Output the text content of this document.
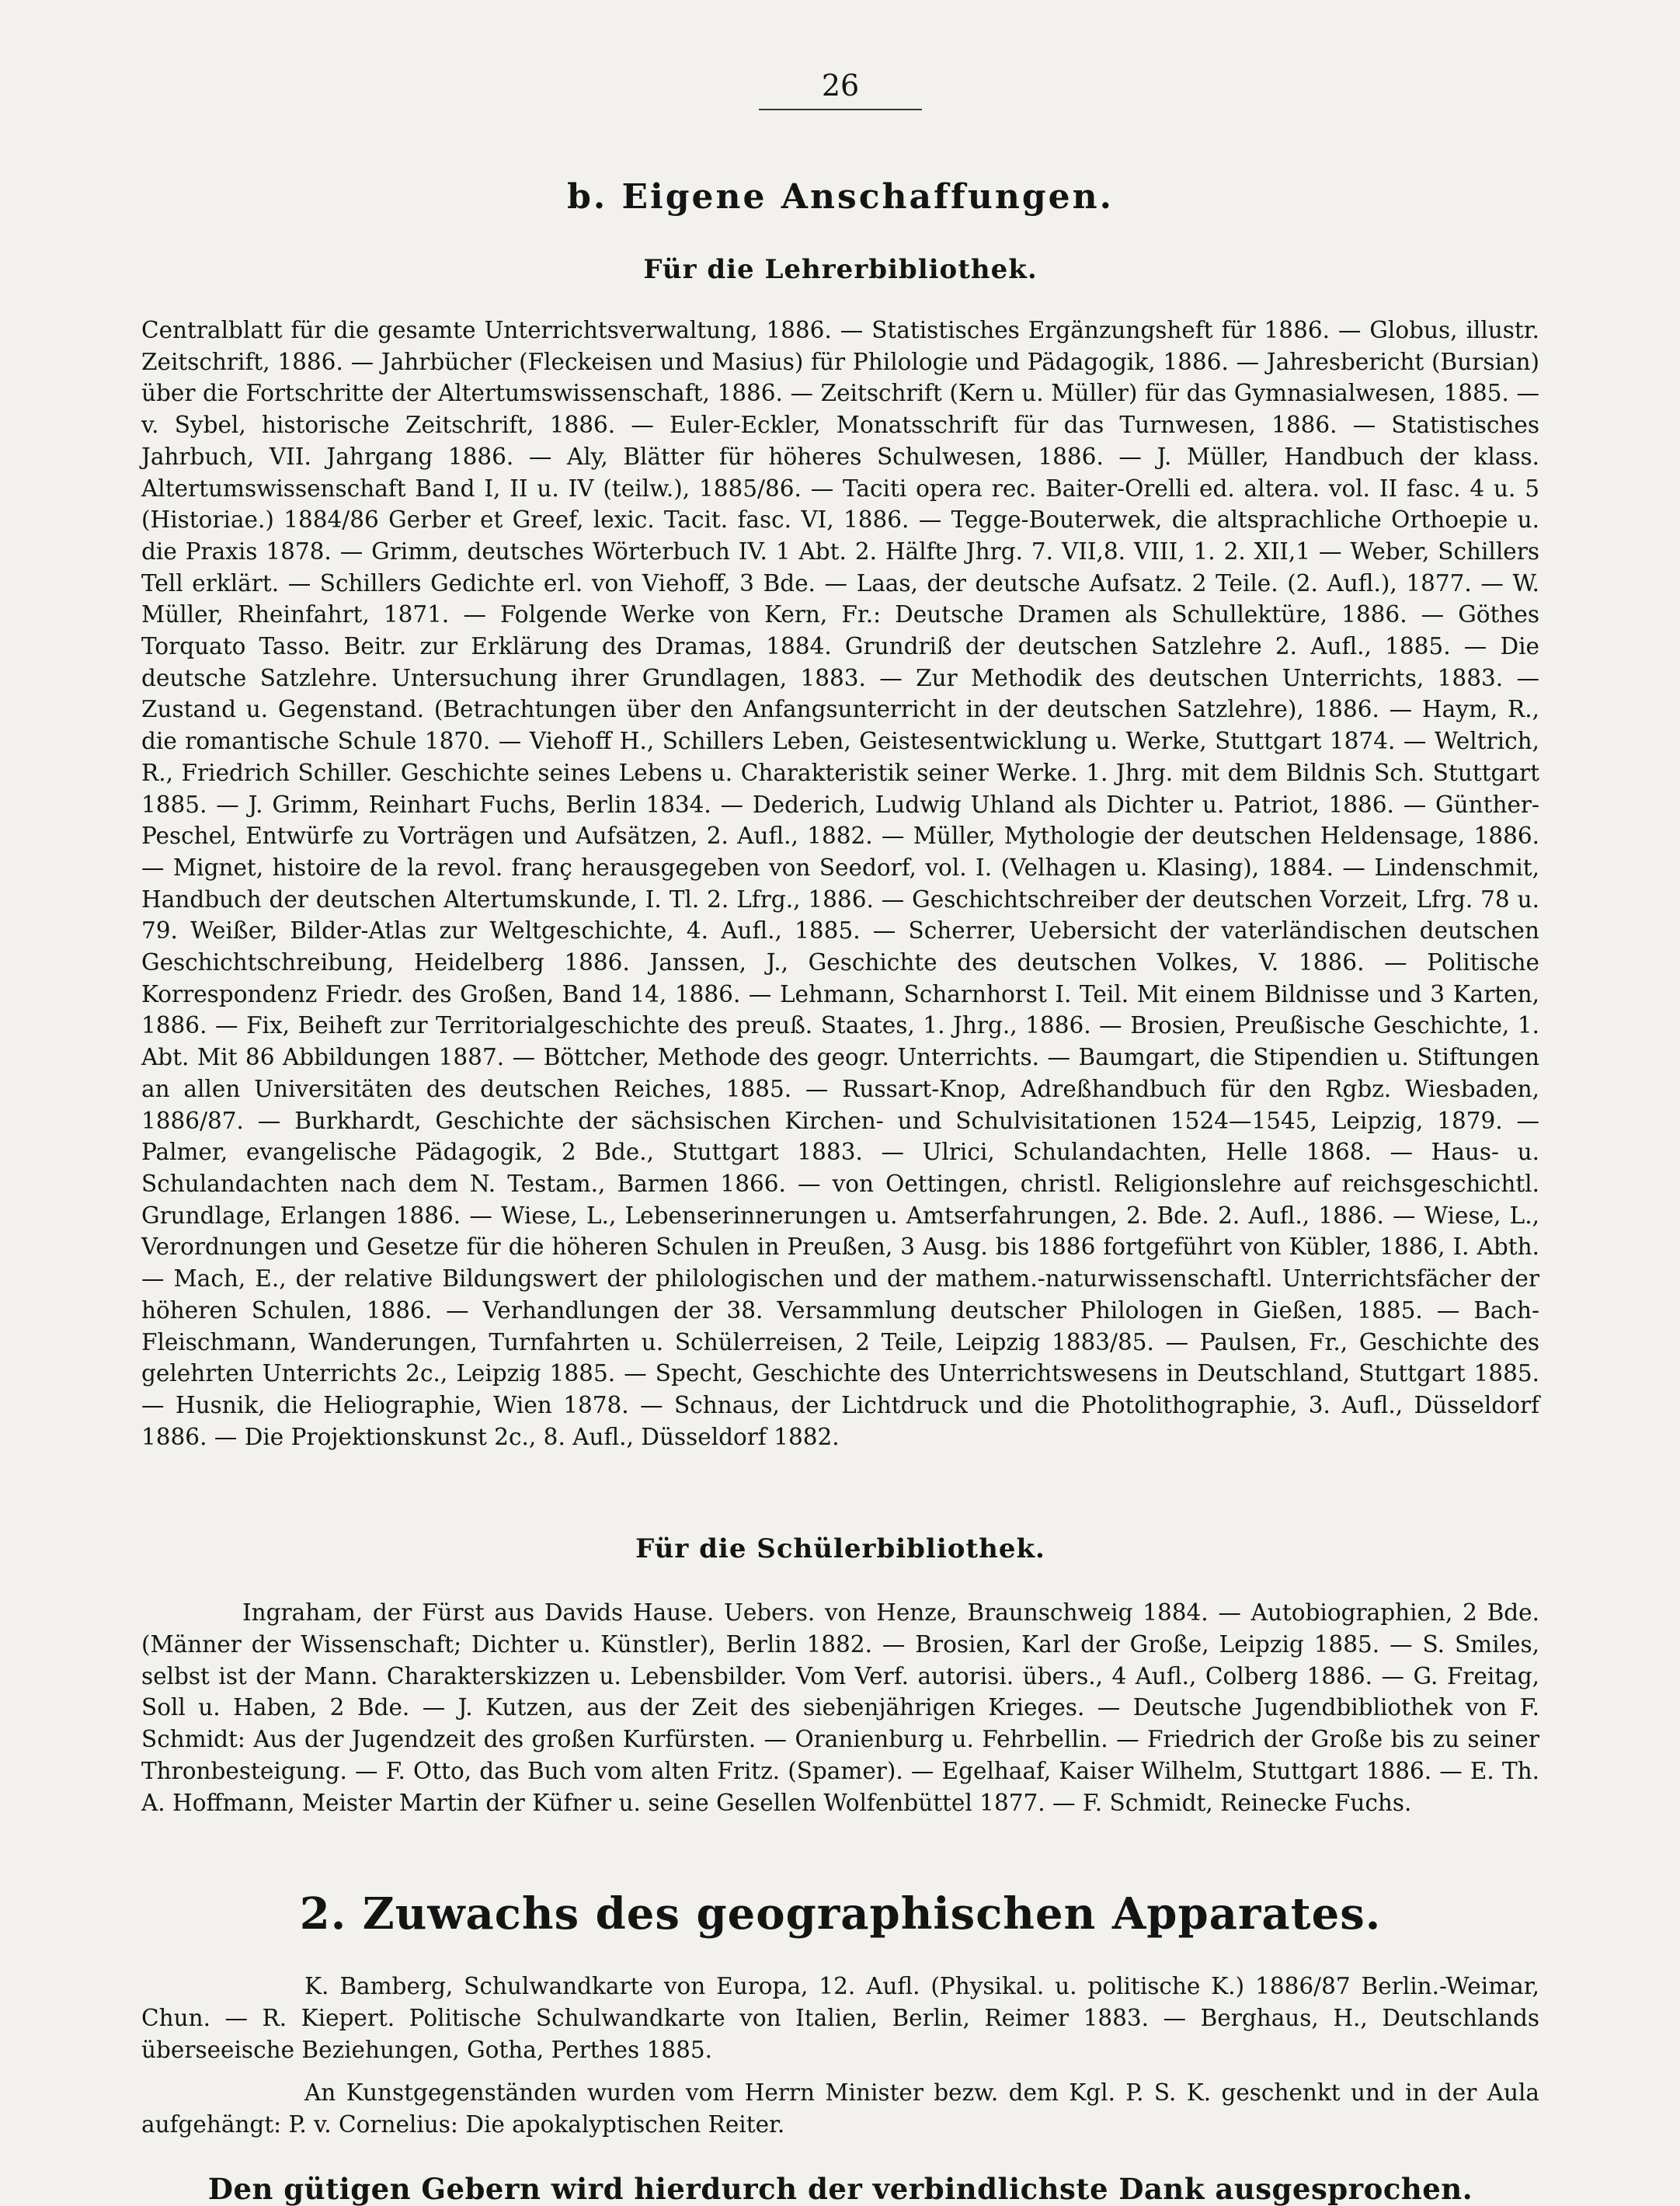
26
b. Eigene Anschaffungen.
Für die Lehrerbibliothek.

Centralblatt für die gesamte Unterrichtsverwaltung, 1886. — Statistisches Ergänzungsheft für 1886. — Globus, illustr. Zeitschrift, 1886. — Jahrbücher (Fleckeisen und Masius) für Philologie und Pädagogik, 1886. — Jahresbericht (Bursian) über die Fortschritte der Altertumswissenschaft, 1886. — Zeitschrift (Kern u. Müller) für das Gymnasialwesen, 1885. — v. Sybel, historische Zeitschrift, 1886. — Euler-Eckler, Monatsschrift für das Turnwesen, 1886. — Statistisches Jahrbuch, VII. Jahrgang 1886. — Aly, Blätter für höheres Schulwesen, 1886. — J. Müller, Handbuch der klass. Altertumswissenschaft Band I, II u. IV (teilw.), 1885/86. — Taciti opera rec. Baiter-Orelli ed. altera. vol. II fasc. 4 u. 5 (Historiae.) 1884/86 Gerber et Greef, lexic. Tacit. fasc. VI, 1886. — Tegge-Bouterwek, die altsprachliche Orthoepie u. die Praxis 1878. — Grimm, deutsches Wörterbuch IV. 1 Abt. 2. Hälfte Jhrg. 7. VII,8. VIII, 1. 2. XII,1 — Weber, Schillers Tell erklärt. — Schillers Gedichte erl. von Viehoff, 3 Bde. — Laas, der deutsche Aufsatz. 2 Teile. (2. Aufl.), 1877. — W. Müller, Rheinfahrt, 1871. — Folgende Werke von Kern, Fr.: Deutsche Dramen als Schullektüre, 1886. — Göthes Torquato Tasso. Beitr. zur Erklärung des Dramas, 1884. Grundriß der deutschen Satzlehre 2. Aufl., 1885. — Die deutsche Satzlehre. Untersuchung ihrer Grundlagen, 1883. — Zur Methodik des deutschen Unterrichts, 1883. — Zustand u. Gegenstand. (Betrachtungen über den Anfangsunterricht in der deutschen Satzlehre), 1886. — Haym, R., die romantische Schule 1870. — Viehoff H., Schillers Leben, Geistesentwicklung u. Werke, Stuttgart 1874. — Weltrich, R., Friedrich Schiller. Geschichte seines Lebens u. Charakteristik seiner Werke. 1. Jhrg. mit dem Bildnis Sch. Stuttgart 1885. — J. Grimm, Reinhart Fuchs, Berlin 1834. — Dederich, Ludwig Uhland als Dichter u. Patriot, 1886. — Günther-Peschel, Entwürfe zu Vorträgen und Aufsätzen, 2. Aufl., 1882. — Müller, Mythologie der deutschen Heldensage, 1886. — Mignet, histoire de la revol. franç herausgegeben von Seedorf, vol. I. (Velhagen u. Klasing), 1884. — Lindenschmit, Handbuch der deutschen Altertumskunde, I. Tl. 2. Lfrg., 1886. — Geschichtschreiber der deutschen Vorzeit, Lfrg. 78 u. 79. Weißer, Bilder-Atlas zur Weltgeschichte, 4. Aufl., 1885. — Scherrer, Uebersicht der vaterländischen deutschen Geschichtschreibung, Heidelberg 1886. Janssen, J., Geschichte des deutschen Volkes, V. 1886. — Politische Korrespondenz Friedr. des Großen, Band 14, 1886. — Lehmann, Scharnhorst I. Teil. Mit einem Bildnisse und 3 Karten, 1886. — Fix, Beiheft zur Territorialgeschichte des preuß. Staates, 1. Jhrg., 1886. — Brosien, Preußische Geschichte, 1. Abt. Mit 86 Abbildungen 1887. — Böttcher, Methode des geogr. Unterrichts. — Baumgart, die Stipendien u. Stiftungen an allen Universitäten des deutschen Reiches, 1885. — Russart-Knop, Adreßhandbuch für den Rgbz. Wiesbaden, 1886/87. — Burkhardt, Geschichte der sächsischen Kirchen- und Schulvisitationen 1524—1545, Leipzig, 1879. — Palmer, evangelische Pädagogik, 2 Bde., Stuttgart 1883. — Ulrici, Schulandachten, Helle 1868. — Haus- u. Schulandachten nach dem N. Testam., Barmen 1866. — von Oettingen, christl. Religionslehre auf reichsgeschichtl. Grundlage, Erlangen 1886. — Wiese, L., Lebenserinnerungen u. Amtserfahrungen, 2. Bde. 2. Aufl., 1886. — Wiese, L., Verordnungen und Gesetze für die höheren Schulen in Preußen, 3 Ausg. bis 1886 fortgeführt von Kübler, 1886, I. Abth. — Mach, E., der relative Bildungswert der philologischen und der mathem.-naturwissenschaftl. Unterrichtsfächer der höheren Schulen, 1886. — Verhandlungen der 38. Versammlung deutscher Philologen in Gießen, 1885. — Bach-Fleischmann, Wanderungen, Turnfahrten u. Schülerreisen, 2 Teile, Leipzig 1883/85. — Paulsen, Fr., Geschichte des gelehrten Unterrichts 2c., Leipzig 1885. — Specht, Geschichte des Unterrichtswesens in Deutschland, Stuttgart 1885. — Husnik, die Heliographie, Wien 1878. — Schnaus, der Lichtdruck und die Photolithographie, 3. Aufl., Düsseldorf 1886. — Die Projektionskunst 2c., 8. Aufl., Düsseldorf 1882.

Für die Schülerbibliothek.

Ingraham, der Fürst aus Davids Hause. Uebers. von Henze, Braunschweig 1884. — Autobiographien, 2 Bde. (Männer der Wissenschaft; Dichter u. Künstler), Berlin 1882. — Brosien, Karl der Große, Leipzig 1885. — S. Smiles, selbst ist der Mann. Charakterskizzen u. Lebensbilder. Vom Verf. autorisi. übers., 4 Aufl., Colberg 1886. — G. Freitag, Soll u. Haben, 2 Bde. — J. Kutzen, aus der Zeit des siebenjährigen Krieges. — Deutsche Jugendbibliothek von F. Schmidt: Aus der Jugendzeit des großen Kurfürsten. — Oranienburg u. Fehrbellin. — Friedrich der Große bis zu seiner Thronbesteigung. — F. Otto, das Buch vom alten Fritz. (Spamer). — Egelhaaf, Kaiser Wilhelm, Stuttgart 1886. — E. Th. A. Hoffmann, Meister Martin der Küfner u. seine Gesellen Wolfenbüttel 1877. — F. Schmidt, Reinecke Fuchs.

2. Zuwachs des geographischen Apparates.

K. Bamberg, Schulwandkarte von Europa, 12. Aufl. (Physikal. u. politische K.) 1886/87 Berlin.-Weimar, Chun. — R. Kiepert. Politische Schulwandkarte von Italien, Berlin, Reimer 1883. — Berghaus, H., Deutschlands überseeische Beziehungen, Gotha, Perthes 1885.

An Kunstgegenständen wurden vom Herrn Minister bezw. dem Kgl. P. S. K. geschenkt und in der Aula aufgehängt: P. v. Cornelius: Die apokalyptischen Reiter.

Den gütigen Gebern wird hierdurch der verbindlichste Dank ausgesprochen.
